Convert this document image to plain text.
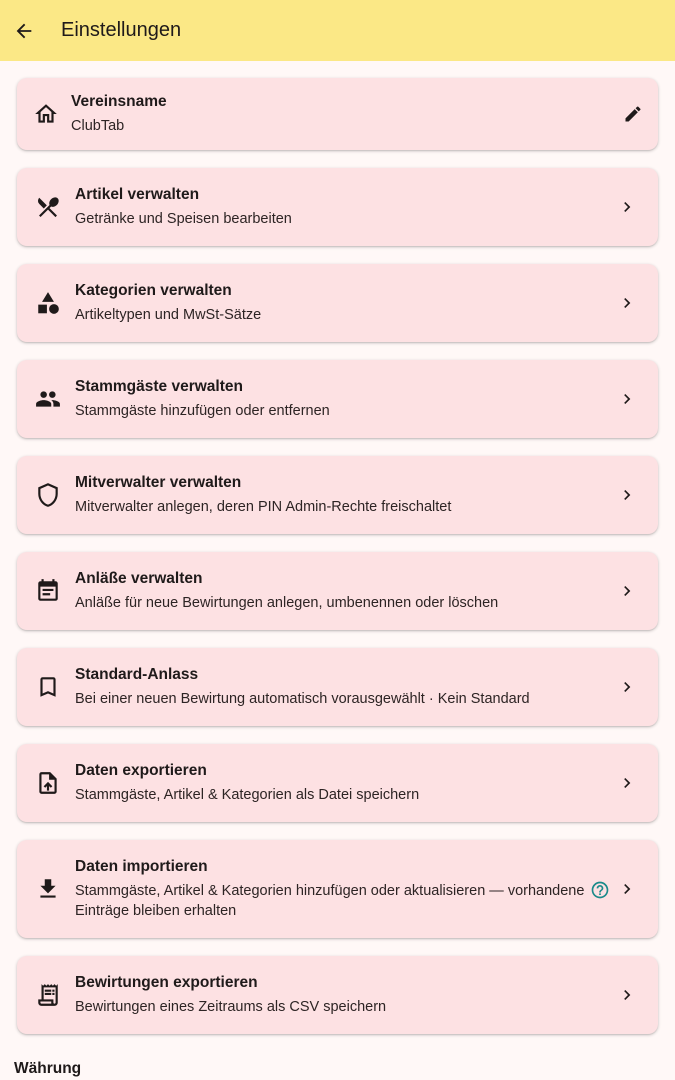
Einstellungen
Vereinsname
ClubTab
Artikel verwalten
Getränke und Speisen bearbeiten
Kategorien verwalten
Artikeltypen und MwSt-Sätze
Stammgäste verwalten
Stammgäste hinzufügen oder entfernen
Mitverwalter verwalten
Mitverwalter anlegen, deren PIN Admin-Rechte freischaltet
Anläße verwalten
Anläße für neue Bewirtungen anlegen, umbenennen oder löschen
Standard-Anlass
Bei einer neuen Bewirtung automatisch vorausgewählt · Kein Standard
Daten exportieren
Stammgäste, Artikel & Kategorien als Datei speichern
Daten importieren
Stammgäste, Artikel & Kategorien hinzufügen oder aktualisieren — vorhandene
Einträge bleiben erhalten
Bewirtungen exportieren
Bewirtungen eines Zeitraums als CSV speichern
Währung
